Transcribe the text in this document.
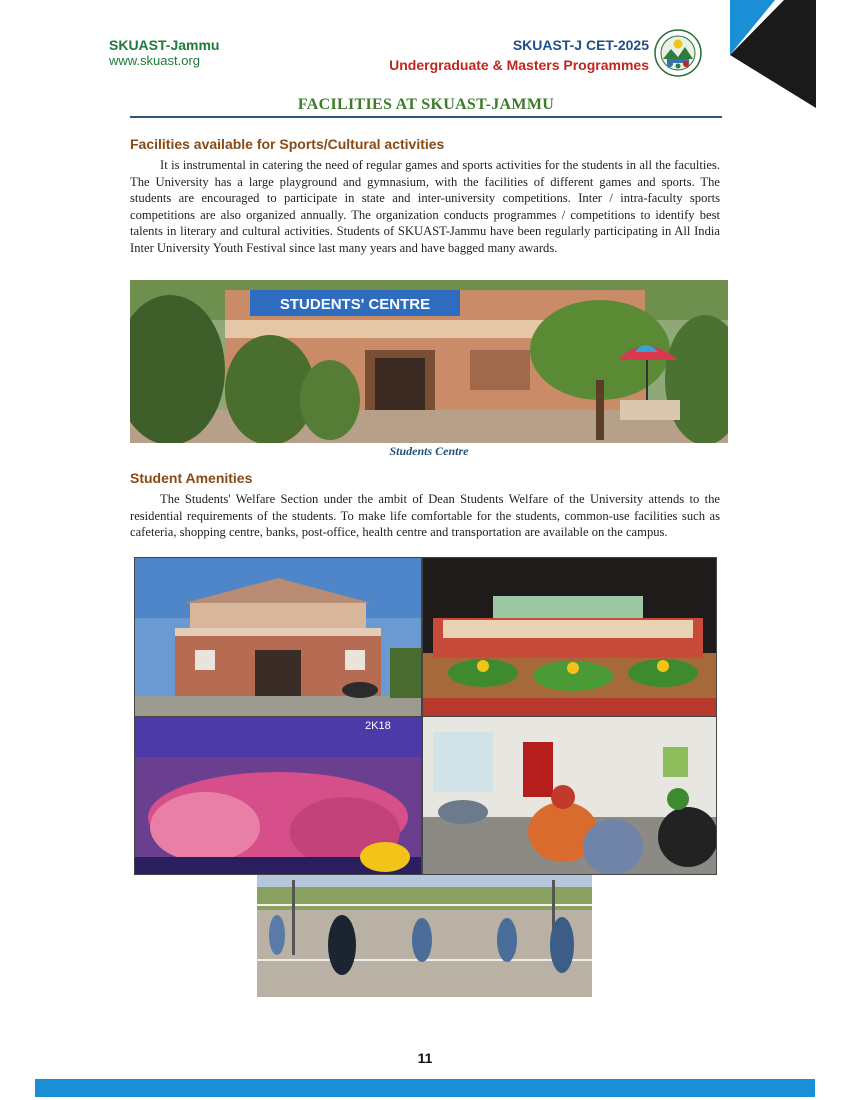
SKUAST-Jammu
www.skuast.org
SKUAST-J CET-2025
Undergraduate & Masters Programmes
FACILITIES AT SKUAST-JAMMU
Facilities available for Sports/Cultural activities
It is instrumental in catering the need of regular games and sports activities for the students in all the faculties. The University has a large playground and gymnasium, with the facilities of different games and sports. The students are encouraged to participate in state and inter-university competitions. Inter / intra-faculty sports competitions are also organized annually. The organization conducts programmes / competitions to identify best talents in literary and cultural activities. Students of SKUAST-Jammu have been regularly participating in All India Inter University Youth Festival since last many years and have bagged many awards.
STUDENTS' CENTRE
Students Centre
Student Amenities
The Students' Welfare Section under the ambit of Dean Students Welfare of the University attends to the residential requirements of the students. To make life comfortable for the students, common-use facilities such as cafeteria, shopping centre, banks, post-office, health centre and transportation are available on the campus.
2K18
11
